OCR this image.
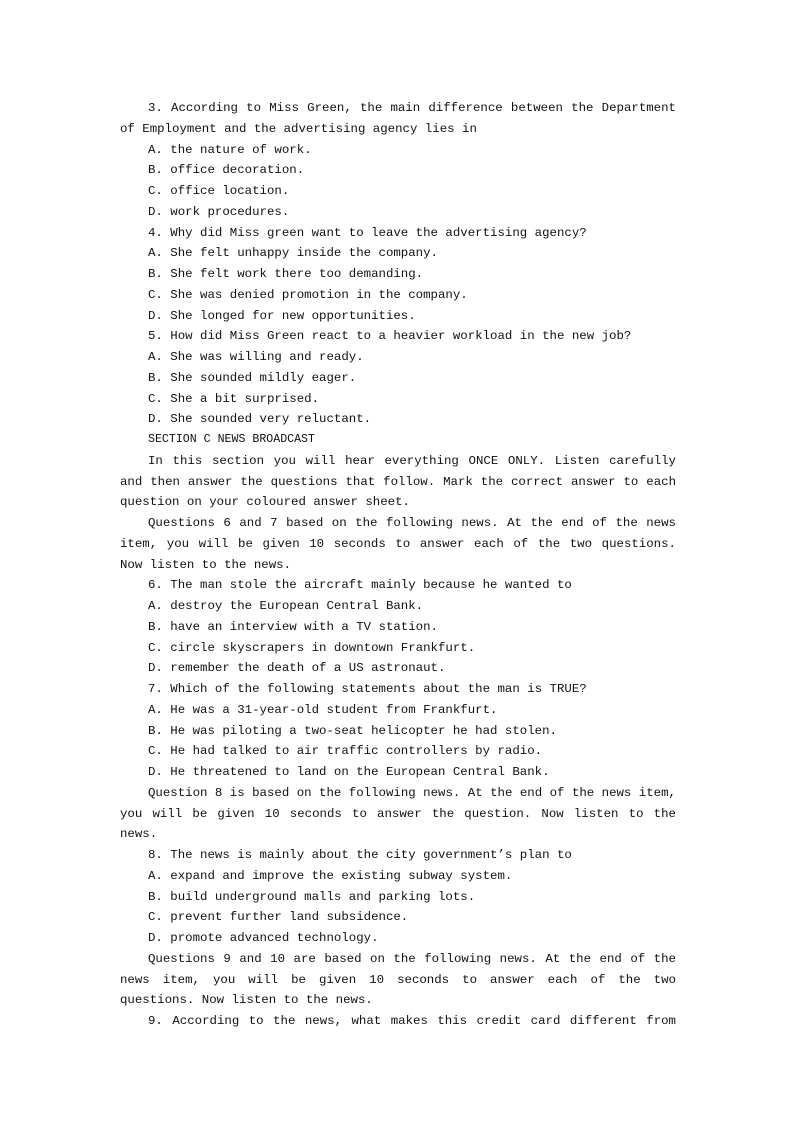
3. According to Miss Green, the main difference between the Department of Employment and the advertising agency lies in

A. the nature of work.

B. office decoration.

C. office location.

D. work procedures.

4. Why did Miss green want to leave the advertising agency?

A. She felt unhappy inside the company.

B. She felt work there too demanding.

C. She was denied promotion in the company.

D. She longed for new opportunities.

5. How did Miss Green react to a heavier workload in the new job?

A. She was willing and ready.

B. She sounded mildly eager.

C. She a bit surprised.

D. She sounded very reluctant.

SECTION C NEWS BROADCAST

In this section you will hear everything ONCE ONLY. Listen carefully and then answer the questions that follow. Mark the correct answer to each question on your coloured answer sheet.

Questions 6 and 7 based on the following news. At the end of the news item, you will be given 10 seconds to answer each of the two questions. Now listen to the news.

6. The man stole the aircraft mainly because he wanted to

A. destroy the European Central Bank.

B. have an interview with a TV station.

C. circle skyscrapers in downtown Frankfurt.

D. remember the death of a US astronaut.

7. Which of the following statements about the man is TRUE?

A. He was a 31-year-old student from Frankfurt.

B. He was piloting a two-seat helicopter he had stolen.

C. He had talked to air traffic controllers by radio.

D. He threatened to land on the European Central Bank.

Question 8 is based on the following news. At the end of the news item, you will be given 10 seconds to answer the question. Now listen to the news.

8. The news is mainly about the city government’s plan to

A. expand and improve the existing subway system.

B. build underground malls and parking lots.

C. prevent further land subsidence.

D. promote advanced technology.

Questions 9 and 10 are based on the following news. At the end of the news item, you will be given 10 seconds to answer each of the two questions. Now listen to the news.

9. According to the news, what makes this credit card different from
